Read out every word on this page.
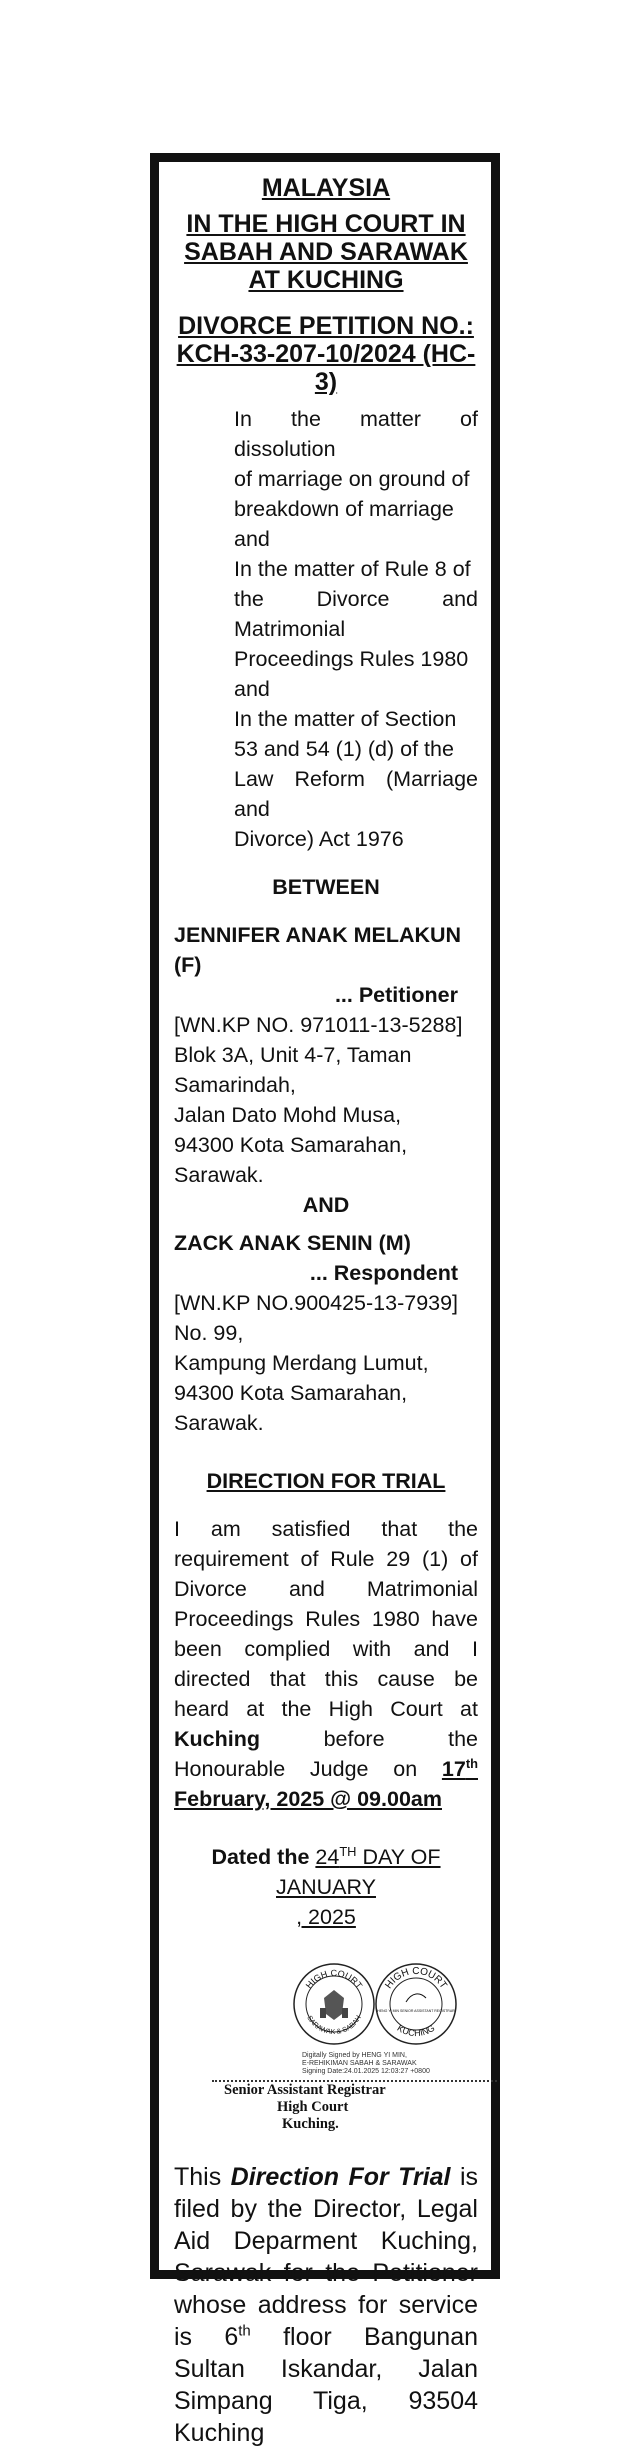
MALAYSIA

IN THE HIGH COURT IN

SABAH AND SARAWAK

AT KUCHING

DIVORCE PETITION NO.:

KCH-33-207-10/2024 (HC-3)

In the matter of dissolution
of marriage on ground of
breakdown of marriage
and
In the matter of Rule 8 of
the Divorce and Matrimonial
Proceedings Rules 1980
and
In the matter of Section
53 and 54 (1) (d) of the
Law Reform (Marriage and
Divorce) Act 1976
BETWEEN
JENNIFER ANAK MELAKUN (F)
... Petitioner
[WN.KP NO. 971011-13-5288]
Blok 3A, Unit 4-7, Taman
Samarindah,
Jalan Dato Mohd Musa,
94300 Kota Samarahan, Sarawak.
AND
ZACK ANAK SENIN (M)
... Respondent
[WN.KP NO.900425-13-7939]
No. 99,
Kampung Merdang Lumut,
94300 Kota Samarahan, Sarawak.
DIRECTION FOR TRIAL
I am satisfied that the requirement of Rule 29 (1) of Divorce and Matrimonial Proceedings Rules 1980 have been complied with and I directed that this cause be heard at the High Court at Kuching before the Honourable Judge on 17th February, 2025 @ 09.00am
Dated the 24TH DAY OF JANUARY
, 2025
HIGH COURT
SARAWAK & SABAH
HIGH COURT
KUCHING
HENG YI MIN SENIOR ASSISTANT REGISTRAR
Digitally Signed by HENG YI MIN,
E-REHIKIMAN SABAH & SARAWAK
Signing Date:24.01.2025 12:03:27 +0800
Senior Assistant Registrar
High Court
Kuching.
This Direction For Trial is filed by the Director, Legal Aid Deparment Kuching, Sarawak for the Petitioner whose address for service is 6th floor Bangunan Sultan Iskandar, Jalan Simpang Tiga, 93504 Kuching
